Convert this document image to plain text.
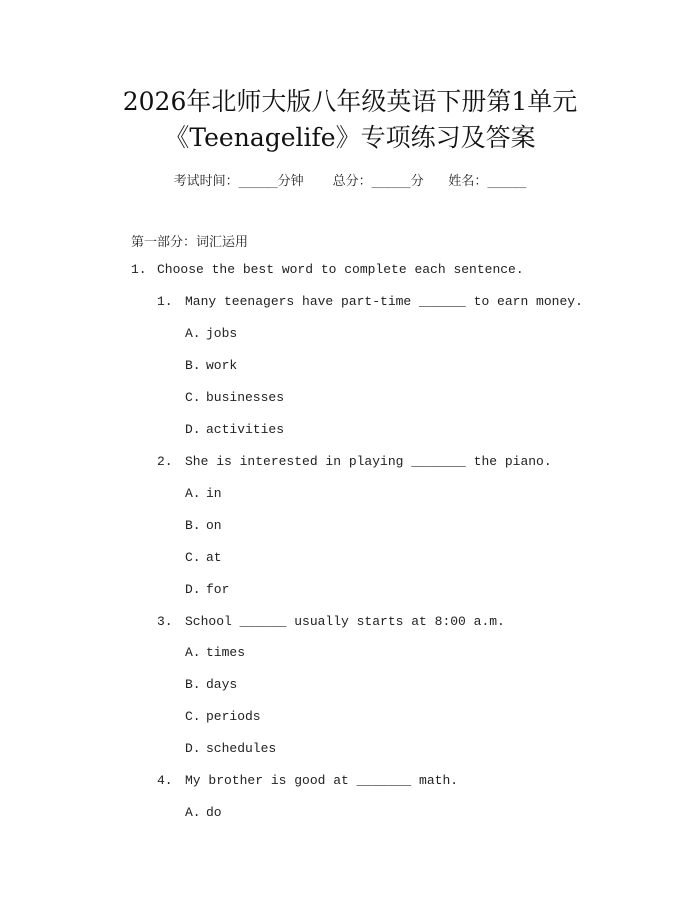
2026年北师大版八年级英语下册第1单元
《Teenagelife》专项练习及答案
考试时间：______分钟 总分：______分 姓名：______
第一部分：词汇运用
1. Choose the best word to complete each sentence.
1. Many teenagers have part-time ______ to earn money.
A. jobs
B. work
C. businesses
D. activities
2. She is interested in playing _______ the piano.
A. in
B. on
C. at
D. for
3. School ______ usually starts at 8:00 a.m.
A. times
B. days
C. periods
D. schedules
4. My brother is good at _______ math.
A. do
